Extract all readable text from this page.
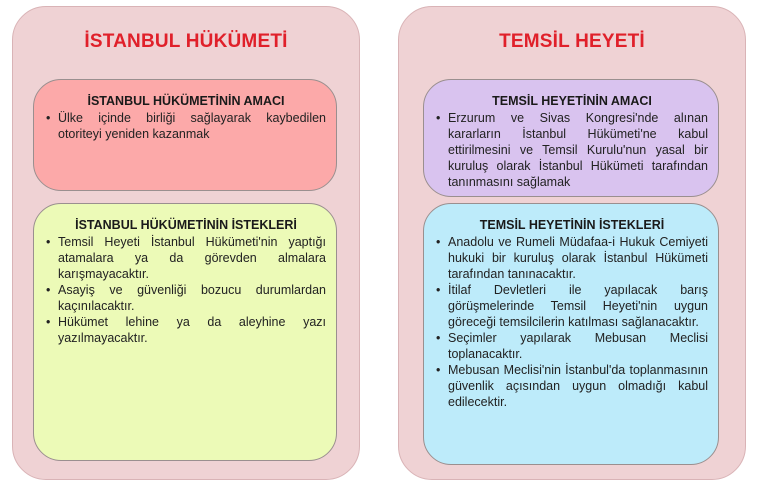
İSTANBUL HÜKÜMETİ
İSTANBUL HÜKÜMETİNİN AMACI
• Ülke içinde birliği sağlayarak kaybedilen otoriteyi yeniden kazanmak
İSTANBUL HÜKÜMETİNİN İSTEKLERİ
• Temsil Heyeti İstanbul Hükümeti'nin yaptığı atamalara ya da görevden almalara karışmayacaktır.
• Asayiş ve güvenliği bozucu durumlardan kaçınılacaktır.
• Hükümet lehine ya da aleyhine yazı yazılmayacaktır.
TEMSİL HEYETİ
TEMSİL HEYETİNİN AMACI
• Erzurum ve Sivas Kongresi'nde alınan kararların İstanbul Hükümeti'ne kabul ettirilmesini ve Temsil Kurulu'nun yasal bir kuruluş olarak İstanbul Hükümeti tarafından tanınmasını sağlamak
TEMSİL HEYETİNİN İSTEKLERİ
• Anadolu ve Rumeli Müdafaa-i Hukuk Cemiyeti hukuki bir kuruluş olarak İstanbul Hükümeti tarafından tanınacaktır.
• İtilaf Devletleri ile yapılacak barış görüşmelerinde Temsil Heyeti'nin uygun göreceği temsilcilerin katılması sağlanacaktır.
• Seçimler yapılarak Mebusan Meclisi toplanacaktır.
• Mebusan Meclisi'nin İstanbul'da toplanmasının güvenlik açısından uygun olmadığı kabul edilecektir.
